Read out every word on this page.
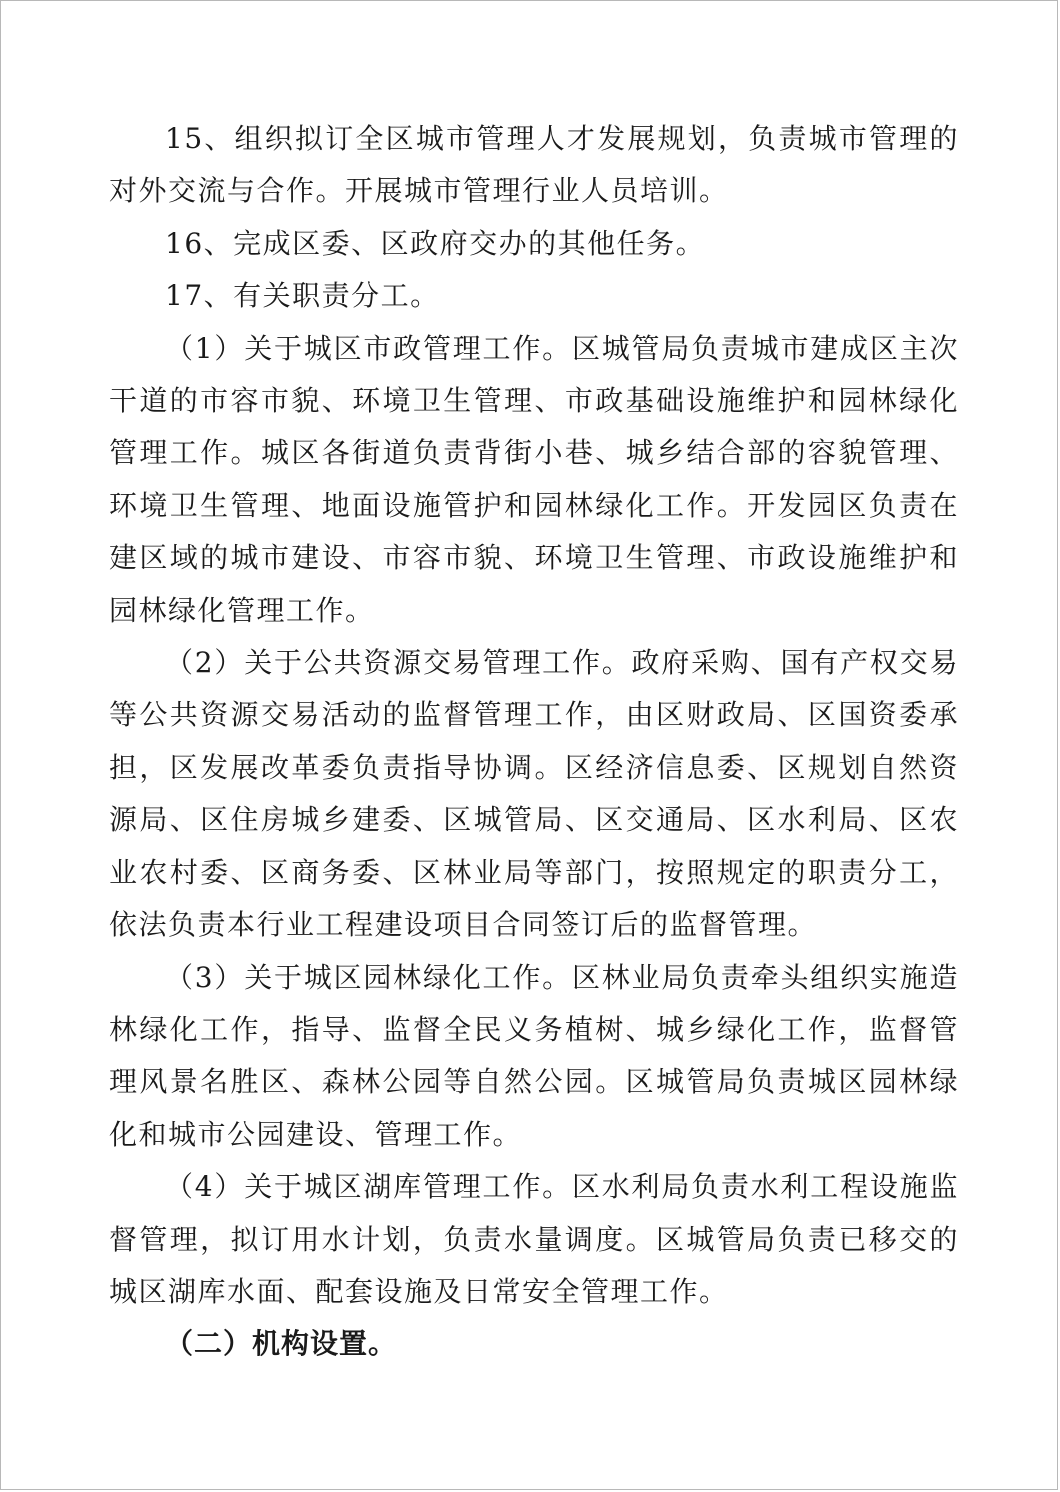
15、组织拟订全区城市管理人才发展规划，负责城市管理的对外交流与合作。开展城市管理行业人员培训。

16、完成区委、区政府交办的其他任务。

17、有关职责分工。

（1）关于城区市政管理工作。区城管局负责城市建成区主次干道的市容市貌、环境卫生管理、市政基础设施维护和园林绿化管理工作。城区各街道负责背街小巷、城乡结合部的容貌管理、环境卫生管理、地面设施管护和园林绿化工作。开发园区负责在建区域的城市建设、市容市貌、环境卫生管理、市政设施维护和园林绿化管理工作。

（2）关于公共资源交易管理工作。政府采购、国有产权交易等公共资源交易活动的监督管理工作，由区财政局、区国资委承担，区发展改革委负责指导协调。区经济信息委、区规划自然资源局、区住房城乡建委、区城管局、区交通局、区水利局、区农业农村委、区商务委、区林业局等部门，按照规定的职责分工，依法负责本行业工程建设项目合同签订后的监督管理。

（3）关于城区园林绿化工作。区林业局负责牵头组织实施造林绿化工作，指导、监督全民义务植树、城乡绿化工作，监督管理风景名胜区、森林公园等自然公园。区城管局负责城区园林绿化和城市公园建设、管理工作。

（4）关于城区湖库管理工作。区水利局负责水利工程设施监督管理，拟订用水计划，负责水量调度。区城管局负责已移交的城区湖库水面、配套设施及日常安全管理工作。

（二）机构设置。
